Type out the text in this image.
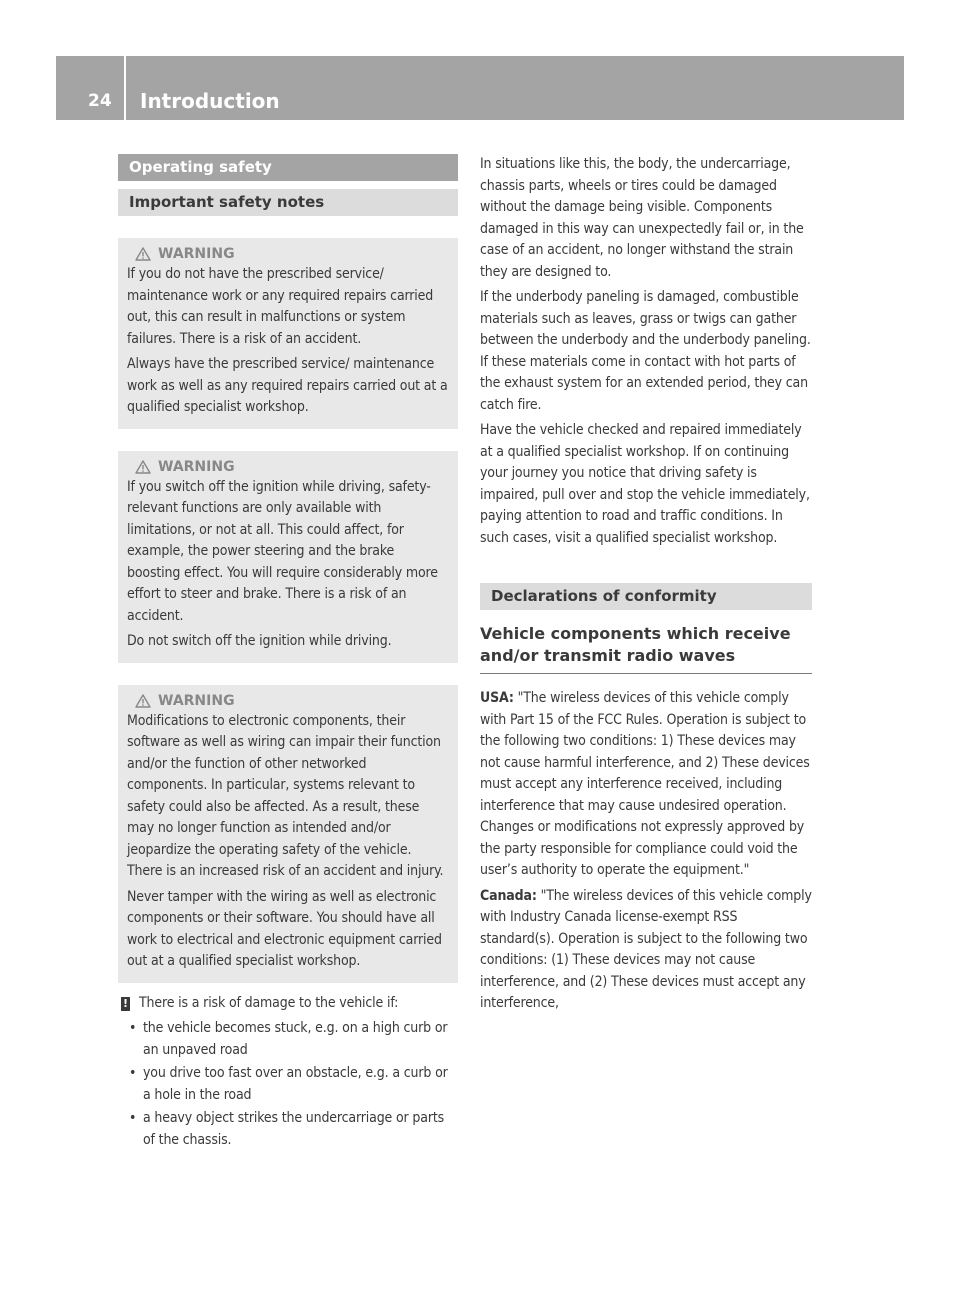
24	Introduction
Operating safety
Important safety notes
WARNING

If you do not have the prescribed service/ maintenance work or any required repairs carried out, this can result in malfunctions or system failures. There is a risk of an accident.

Always have the prescribed service/ maintenance work as well as any required repairs carried out at a qualified specialist workshop.

WARNING

If you switch off the ignition while driving, safety-relevant functions are only available with limitations, or not at all. This could affect, for example, the power steering and the brake boosting effect. You will require considerably more effort to steer and brake. There is a risk of an accident.

Do not switch off the ignition while driving.

WARNING

Modifications to electronic components, their software as well as wiring can impair their function and/or the function of other networked components. In particular, systems relevant to safety could also be affected. As a result, these may no longer function as intended and/or jeopardize the operating safety of the vehicle. There is an increased risk of an accident and injury.

Never tamper with the wiring as well as electronic components or their software. You should have all work to electrical and electronic equipment carried out at a qualified specialist workshop.

! There is a risk of damage to the vehicle if:

• the vehicle becomes stuck, e.g. on a high curb or an unpaved road
• you drive too fast over an obstacle, e.g. a curb or a hole in the road
• a heavy object strikes the undercarriage or parts of the chassis.

In situations like this, the body, the undercarriage, chassis parts, wheels or tires could be damaged without the damage being visible. Components damaged in this way can unexpectedly fail or, in the case of an accident, no longer withstand the strain they are designed to.

If the underbody paneling is damaged, combustible materials such as leaves, grass or twigs can gather between the underbody and the underbody paneling. If these materials come in contact with hot parts of the exhaust system for an extended period, they can catch fire.

Have the vehicle checked and repaired immediately at a qualified specialist workshop. If on continuing your journey you notice that driving safety is impaired, pull over and stop the vehicle immediately, paying attention to road and traffic conditions. In such cases, visit a qualified specialist workshop.

Declarations of conformity
Vehicle components which receive and/or transmit radio waves

USA: "The wireless devices of this vehicle comply with Part 15 of the FCC Rules. Operation is subject to the following two conditions: 1) These devices may not cause harmful interference, and 2) These devices must accept any interference received, including interference that may cause undesired operation. Changes or modifications not expressly approved by the party responsible for compliance could void the user’s authority to operate the equipment."

Canada: "The wireless devices of this vehicle comply with Industry Canada license-exempt RSS standard(s). Operation is subject to the following two conditions: (1) These devices may not cause interference, and (2) These devices must accept any interference,
